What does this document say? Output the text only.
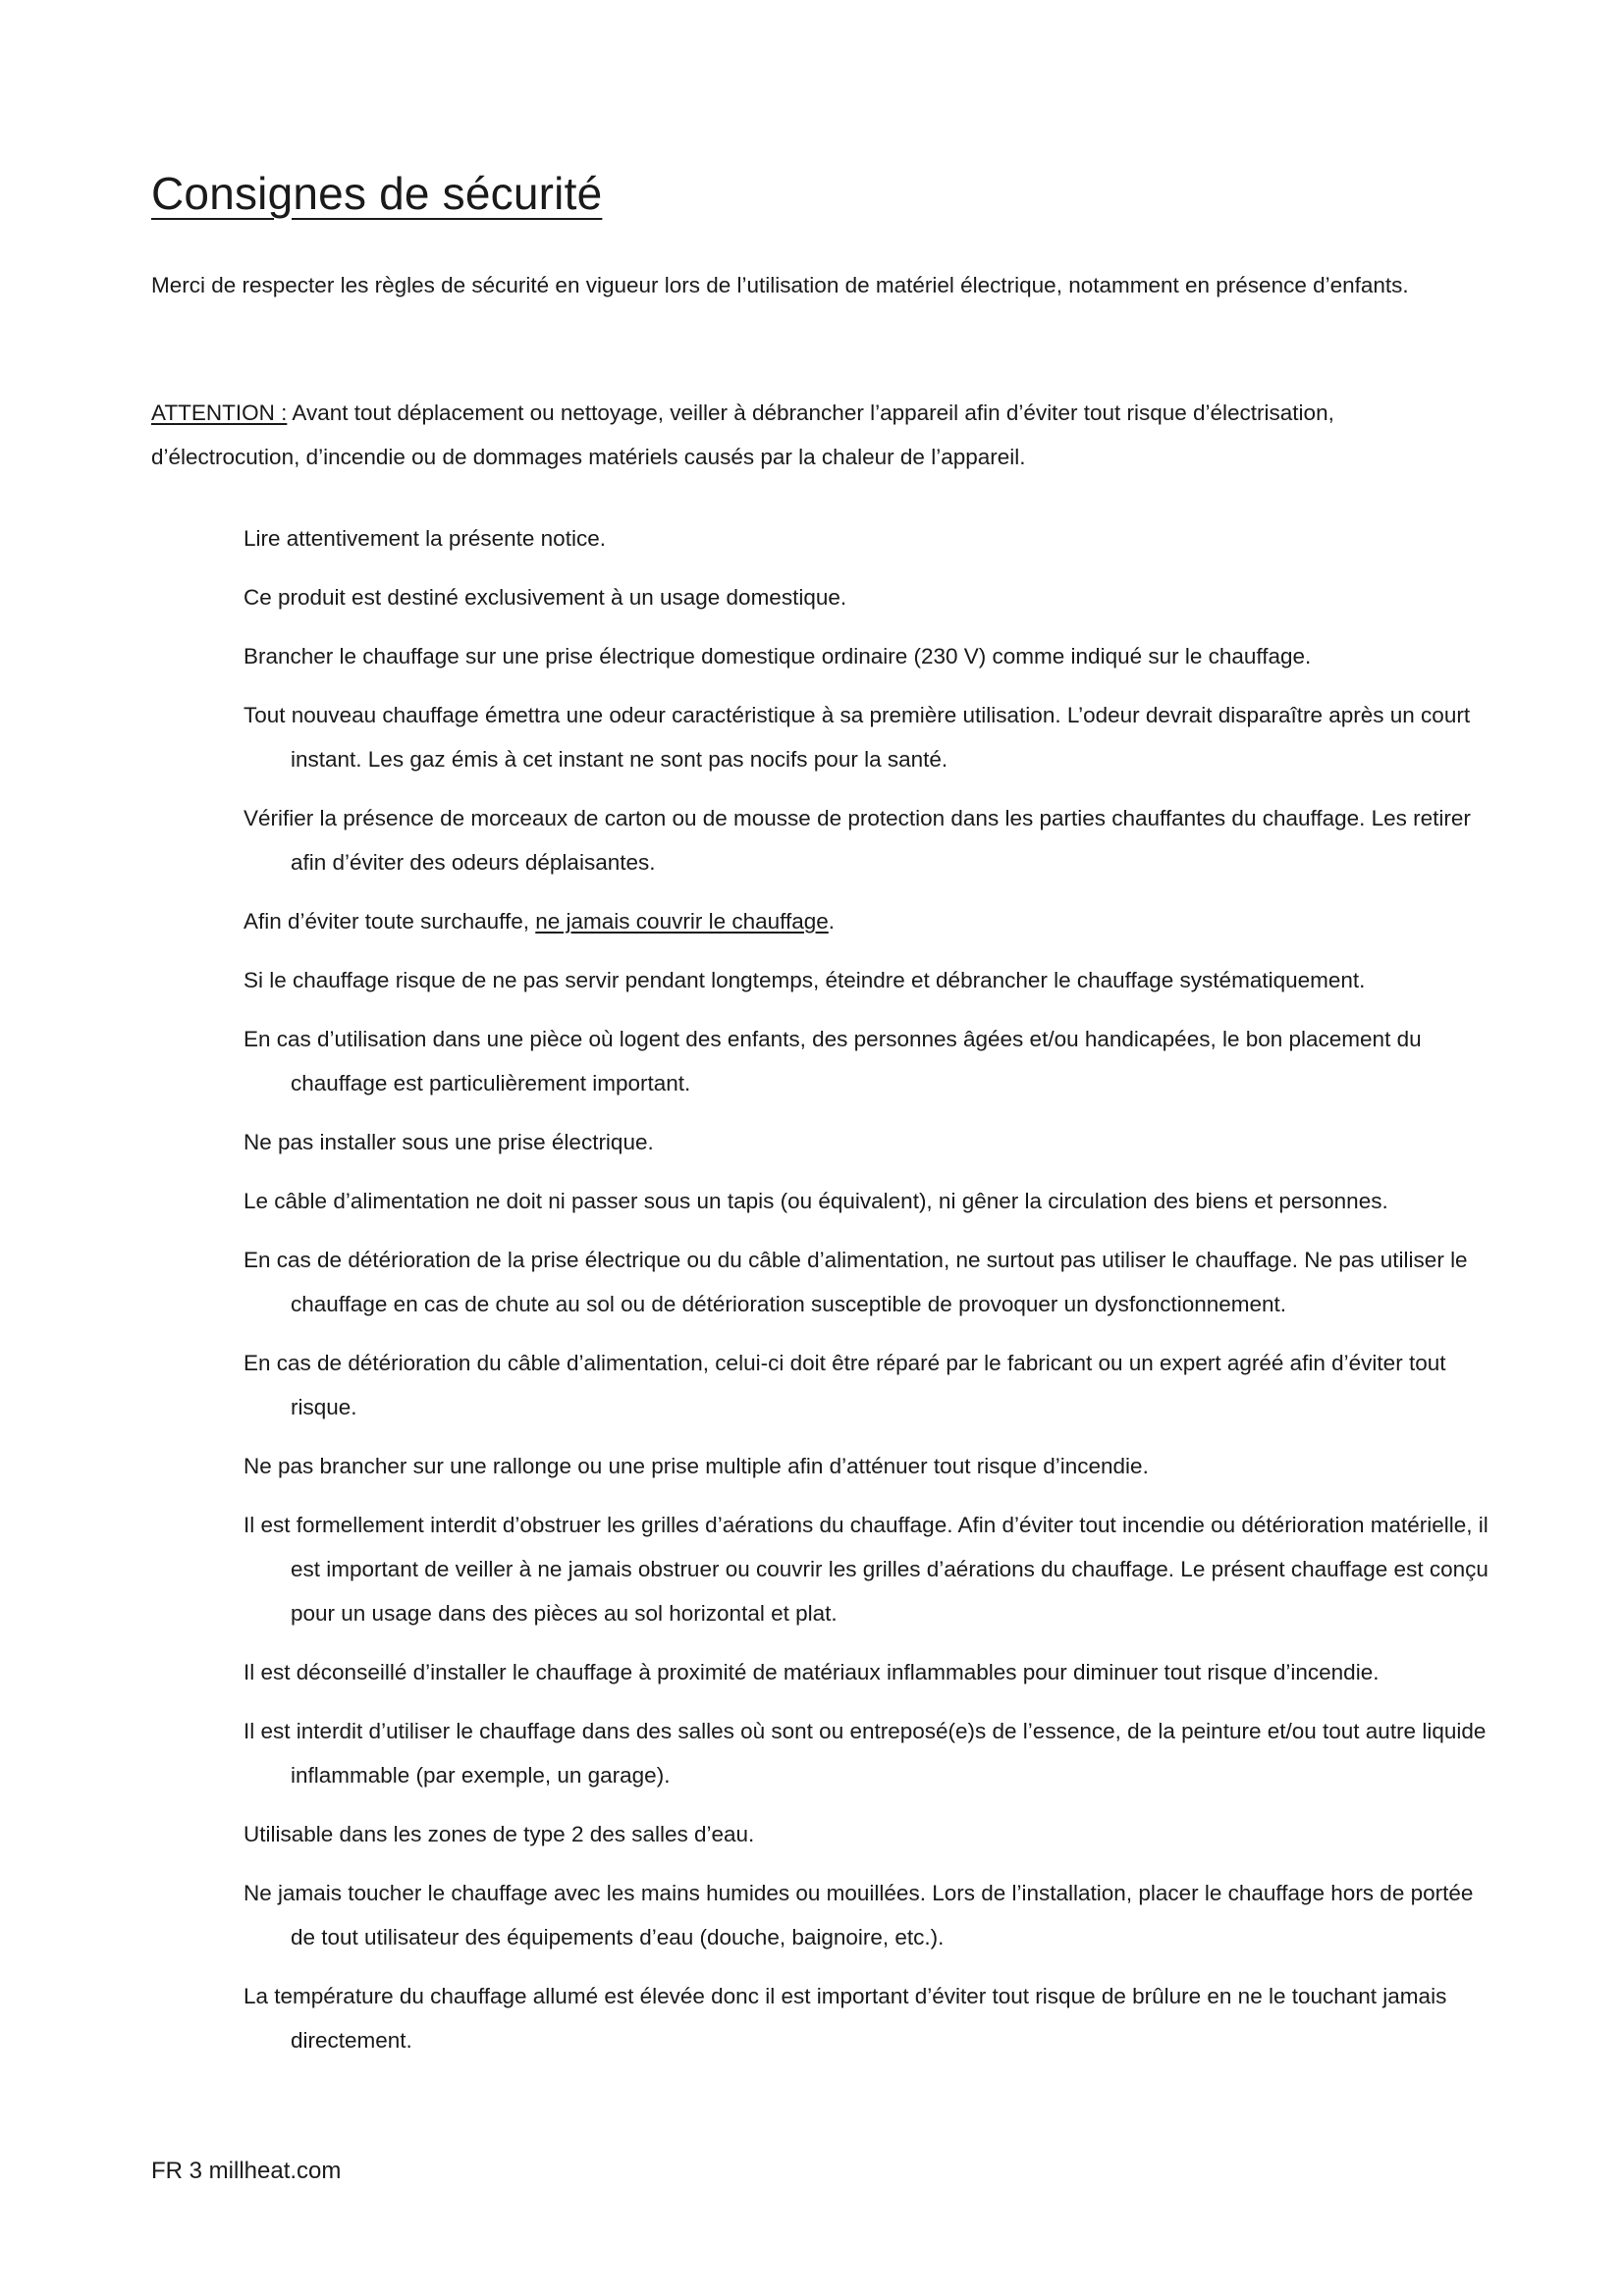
Consignes de sécurité

Merci de respecter les règles de sécurité en vigueur lors de l’utilisation de matériel électrique, notamment en présence d’enfants.

ATTENTION : Avant tout déplacement ou nettoyage, veiller à débrancher l’appareil afin d’éviter tout risque d’électrisation, d’électrocution, d’incendie ou de dommages matériels causés par la chaleur de l’appareil.

Lire attentivement la présente notice.
Ce produit est destiné exclusivement à un usage domestique.
Brancher le chauffage sur une prise électrique domestique ordinaire (230 V) comme indiqué sur le chauffage.
Tout nouveau chauffage émettra une odeur caractéristique à sa première utilisation. L’odeur devrait disparaître après un court instant. Les gaz émis à cet instant ne sont pas nocifs pour la santé.
Vérifier la présence de morceaux de carton ou de mousse de protection dans les parties chauffantes du chauffage. Les retirer afin d’éviter des odeurs déplaisantes.
Afin d’éviter toute surchauffe, ne jamais couvrir le chauffage.
Si le chauffage risque de ne pas servir pendant longtemps, éteindre et débrancher le chauffage systématiquement.
En cas d’utilisation dans une pièce où logent des enfants, des personnes âgées et/ou handicapées, le bon placement du chauffage est particulièrement important.
Ne pas installer sous une prise électrique.
Le câble d’alimentation ne doit ni passer sous un tapis (ou équivalent), ni gêner la circulation des biens et personnes.
En cas de détérioration de la prise électrique ou du câble d’alimentation, ne surtout pas utiliser le chauffage. Ne pas utiliser le chauffage en cas de chute au sol ou de détérioration susceptible de provoquer un dysfonctionnement.
En cas de détérioration du câble d’alimentation, celui-ci doit être réparé par le fabricant ou un expert agréé afin d’éviter tout risque.
Ne pas brancher sur une rallonge ou une prise multiple afin d’atténuer tout risque d’incendie.
Il est formellement interdit d’obstruer les grilles d’aérations du chauffage. Afin d’éviter tout incendie ou détérioration matérielle, il est important de veiller à ne jamais obstruer ou couvrir les grilles d’aérations du chauffage. Le présent chauffage est conçu pour un usage dans des pièces au sol horizontal et plat.
Il est déconseillé d’installer le chauffage à proximité de matériaux inflammables pour diminuer tout risque d’incendie.
Il est interdit d’utiliser le chauffage dans des salles où sont ou entreposé(e)s de l’essence, de la peinture et/ou tout autre liquide inflammable (par exemple, un garage).
Utilisable dans les zones de type 2 des salles d’eau.
Ne jamais toucher le chauffage avec les mains humides ou mouillées. Lors de l’installation, placer le chauffage hors de portée de tout utilisateur des équipements d’eau (douche, baignoire, etc.).
La température du chauffage allumé est élevée donc il est important d’éviter tout risque de brûlure en ne le touchant jamais directement.
FR 3 millheat.com
